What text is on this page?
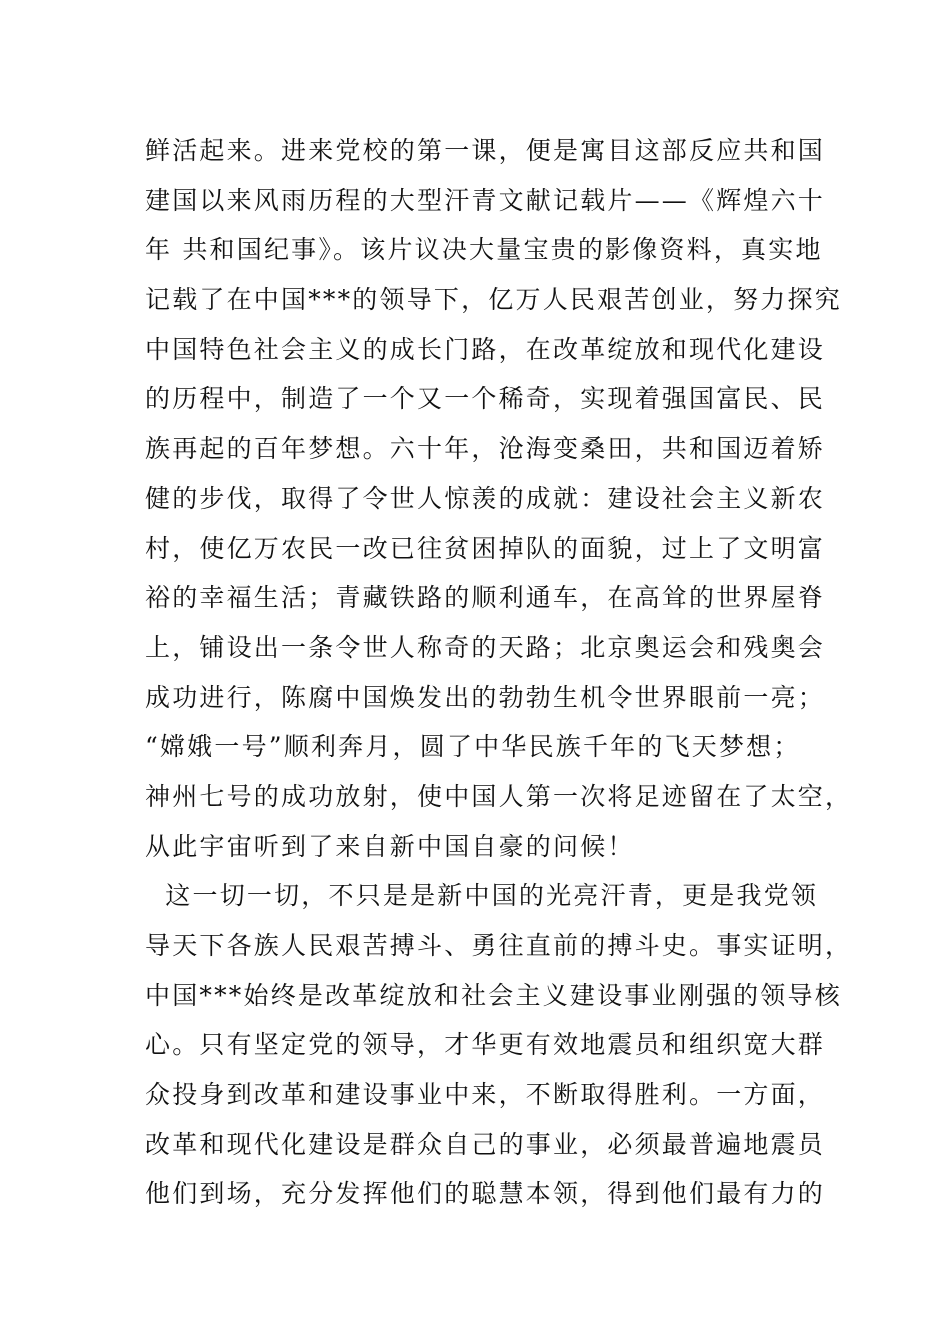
鲜活起来。进来党校的第一课，便是寓目这部反应共和国
建国以来风雨历程的大型汗青文献记载片——《辉煌六十
年 共和国纪事》。该片议决大量宝贵的影像资料，真实地
记载了在中国***的领导下，亿万人民艰苦创业，努力探究
中国特色社会主义的成长门路，在改革绽放和现代化建设
的历程中，制造了一个又一个稀奇，实现着强国富民、民
族再起的百年梦想。六十年，沧海变桑田，共和国迈着矫
健的步伐，取得了令世人惊羡的成就：建设社会主义新农
村，使亿万农民一改已往贫困掉队的面貌，过上了文明富
裕的幸福生活；青藏铁路的顺利通车，在高耸的世界屋脊
上，铺设出一条令世人称奇的天路；北京奥运会和残奥会
成功进行，陈腐中国焕发出的勃勃生机令世界眼前一亮；
“嫦娥一号”顺利奔月，圆了中华民族千年的飞天梦想；
神州七号的成功放射，使中国人第一次将足迹留在了太空，
从此宇宙听到了来自新中国自豪的问候！
这一切一切，不只是是新中国的光亮汗青，更是我党领
导天下各族人民艰苦搏斗、勇往直前的搏斗史。事实证明，
中国***始终是改革绽放和社会主义建设事业刚强的领导核
心。只有坚定党的领导，才华更有效地震员和组织宽大群
众投身到改革和建设事业中来，不断取得胜利。一方面，
改革和现代化建设是群众自己的事业，必须最普遍地震员
他们到场，充分发挥他们的聪慧本领，得到他们最有力的
